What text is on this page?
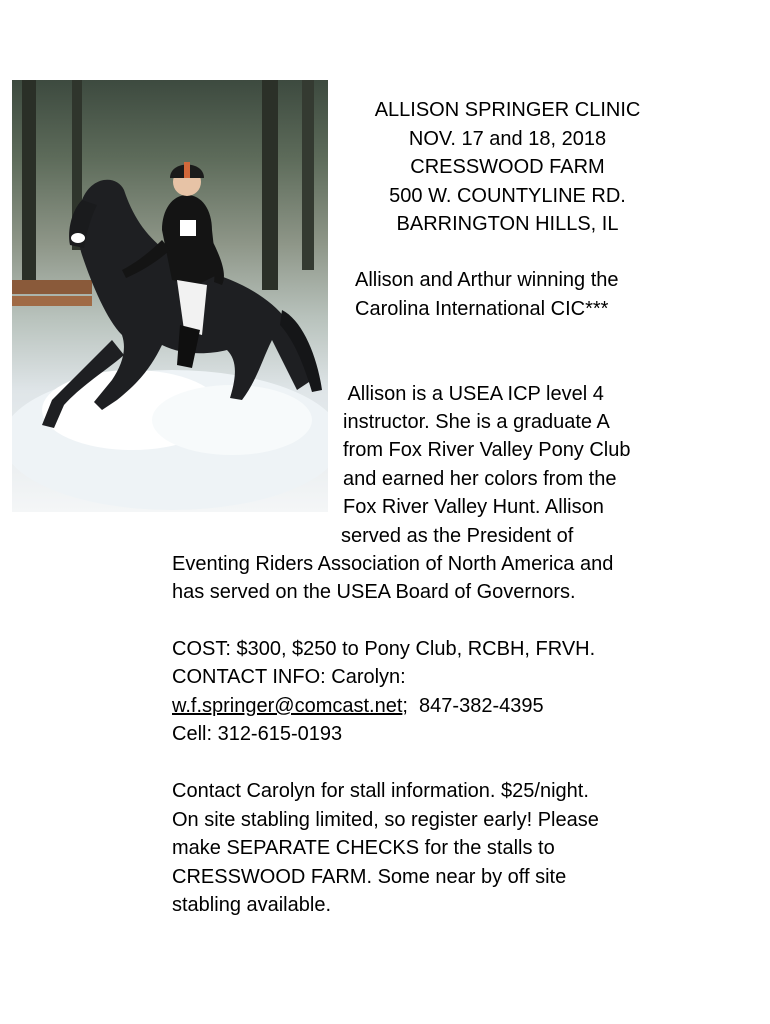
ALLISON SPRINGER CLINIC
NOV. 17 and 18, 2018
CRESSWOOD FARM
500 W. COUNTYLINE RD.
BARRINGTON HILLS, IL
Allison and Arthur winning the
Carolina International CIC***
Allison is a USEA ICP level 4
instructor. She is a graduate A
from Fox River Valley Pony Club
and earned her colors from the
Fox River Valley Hunt. Allison
served as the President of
Eventing Riders Association of North America and
has served on the USEA Board of Governors.
COST: $300, $250 to Pony Club, RCBH, FRVH.
CONTACT INFO: Carolyn:
w.f.springer@comcast.net;  847-382-4395
Cell: 312-615-0193
Contact Carolyn for stall information. $25/night.
On site stabling limited, so register early! Please
make SEPARATE CHECKS for the stalls to
CRESSWOOD FARM. Some near by off site
stabling available.
